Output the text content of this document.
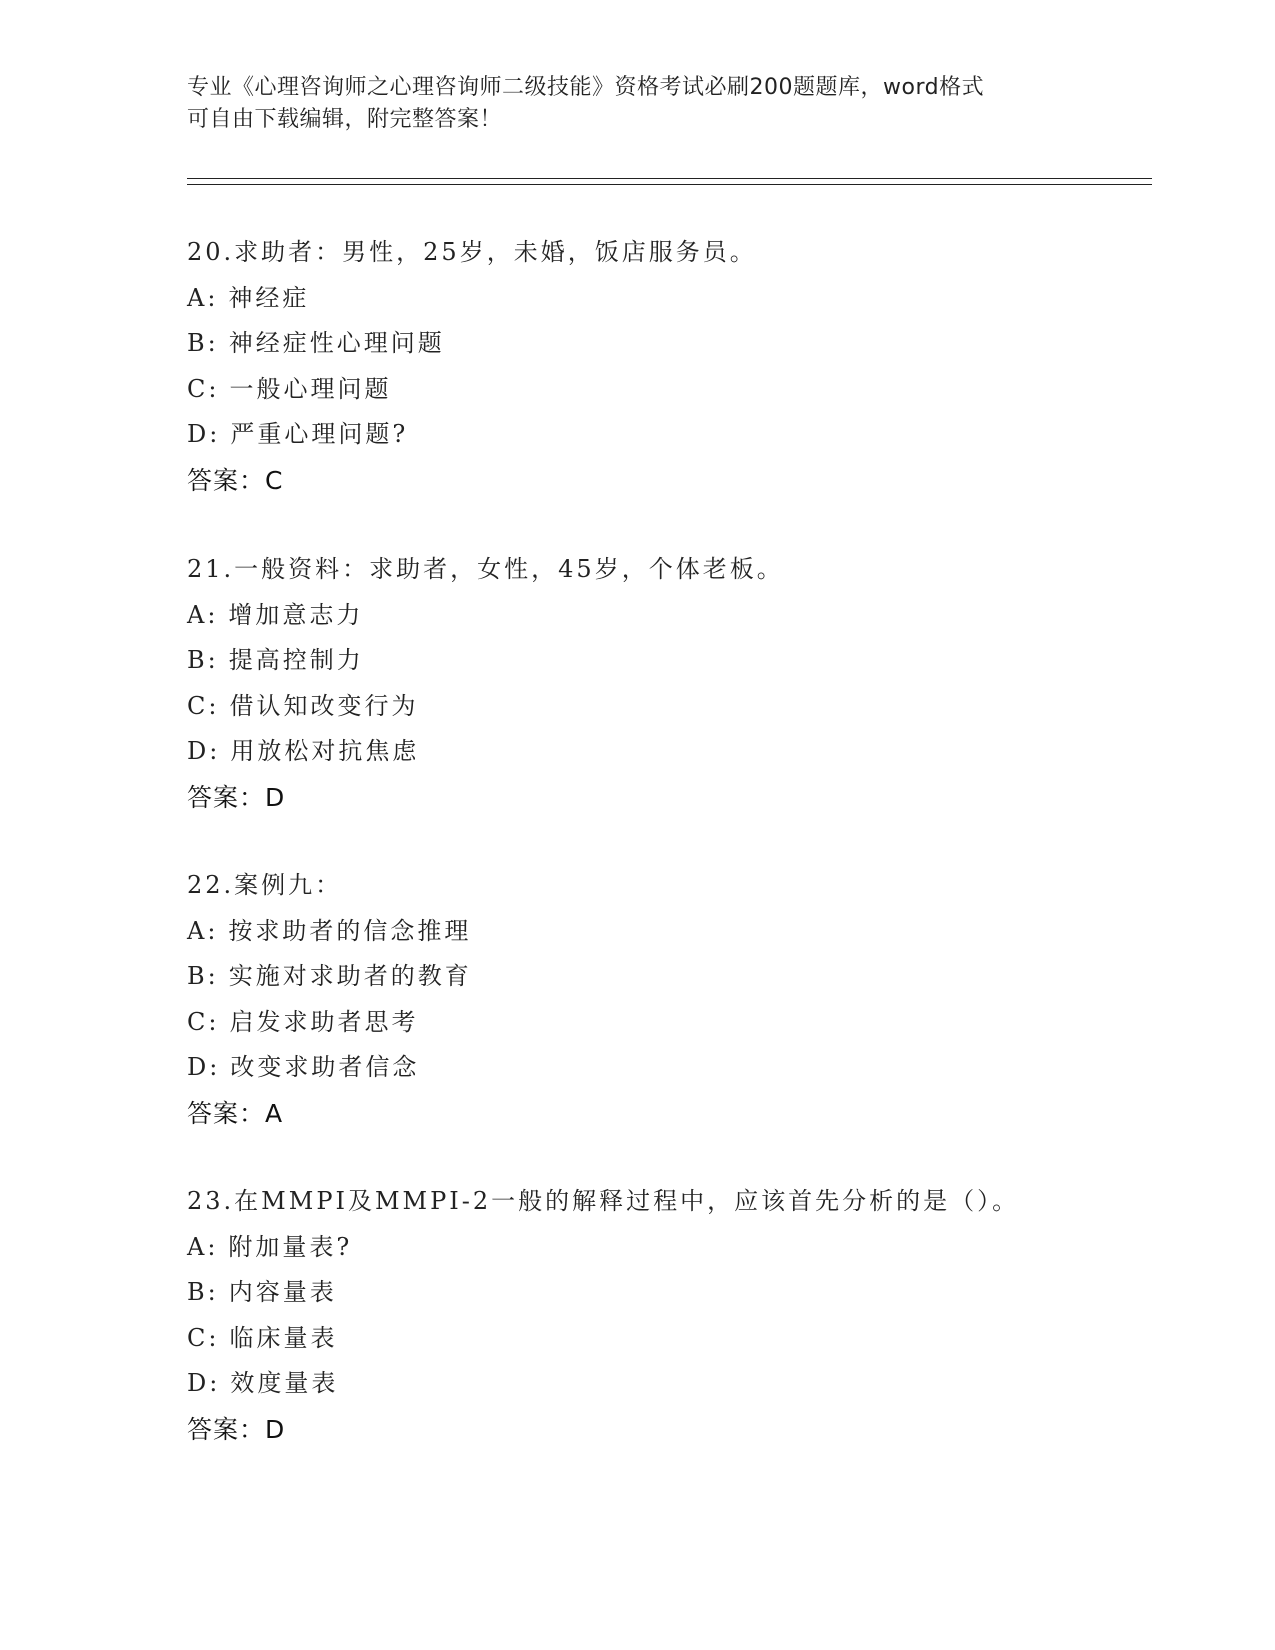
专业《心理咨询师之心理咨询师二级技能》资格考试必刷200题题库，word格式
可自由下载编辑，附完整答案！
20.求助者：男性，25岁，未婚，饭店服务员。
A: 神经症
B: 神经症性心理问题
C: 一般心理问题
D: 严重心理问题?
答案：C
21.一般资料：求助者，女性，45岁，个体老板。
A: 增加意志力
B: 提高控制力
C: 借认知改变行为
D: 用放松对抗焦虑
答案：D
22.案例九：
A: 按求助者的信念推理
B: 实施对求助者的教育
C: 启发求助者思考
D: 改变求助者信念
答案：A
23.在MMPI及MMPI-2一般的解释过程中，应该首先分析的是（）。
A: 附加量表?
B: 内容量表
C: 临床量表
D: 效度量表
答案：D
